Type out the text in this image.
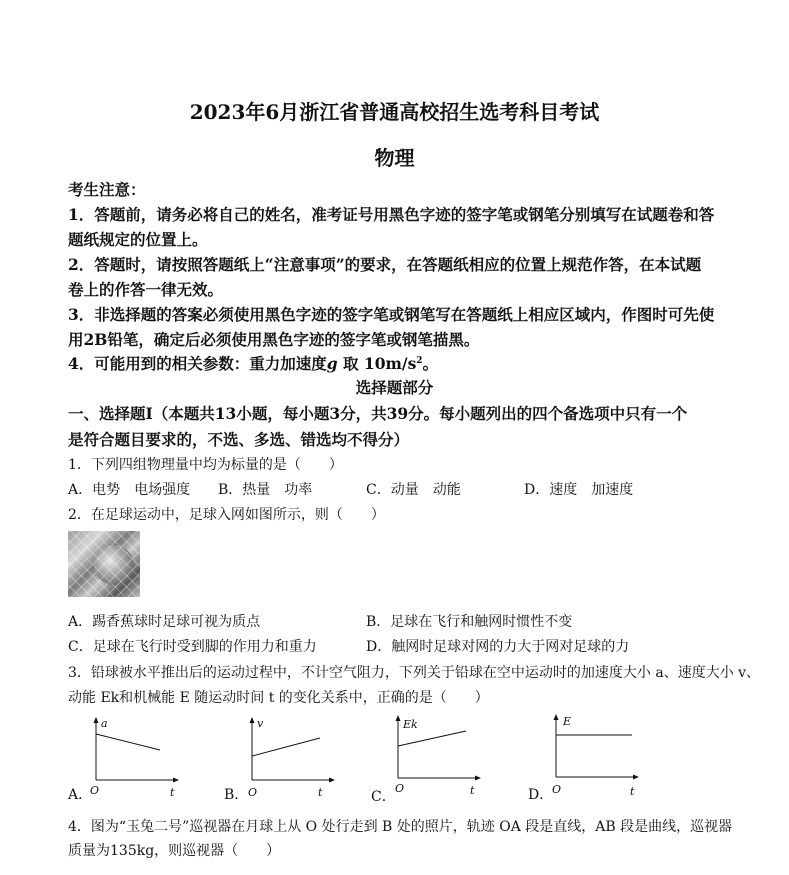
2023年6月浙江省普通高校招生选考科目考试
物理
考生注意：
1．答题前，请务必将自己的姓名，准考证号用黑色字迹的签字笔或钢笔分别填写在试题卷和答
题纸规定的位置上。
2．答题时，请按照答题纸上“注意事项”的要求，在答题纸相应的位置上规范作答，在本试题
卷上的作答一律无效。
3．非选择题的答案必须使用黑色字迹的签字笔或钢笔写在答题纸上相应区域内，作图时可先使
用2B铅笔，确定后必须使用黑色字迹的签字笔或钢笔描黑。
4．可能用到的相关参数：重力加速度g 取 $10m/s^2$。
选择题部分
一、选择题Ⅰ（本题共13小题，每小题3分，共39分。每小题列出的四个备选项中只有一个
是符合题目要求的，不选、多选、错选均不得分）
1．下列四组物理量中均为标量的是（　　）
A．电势　电场强度 B．热量　功率	C．动量　动能	D．速度　加速度
2．在足球运动中，足球入网如图所示，则（　　）
A．踢香蕉球时足球可视为质点	B．足球在飞行和触网时惯性不变
C．足球在飞行时受到脚的作用力和重力	D．触网时足球对网的力大于网对足球的力
3．铅球被水平推出后的运动过程中，不计空气阻力，下列关于铅球在空中运动时的加速度大小 a、速度大小 v、
动能 Ek和机械能 E 随运动时间 t 的变化关系中，正确的是（　　）
A．
a
t
O	B．
v
t
O	C．
Ek
t
O	D．
E
t
O
4．图为“玉兔二号”巡视器在月球上从 O 处行走到 B 处的照片，轨迹 OA 段是直线，AB 段是曲线，巡视器
质量为135kg，则巡视器（　　）
